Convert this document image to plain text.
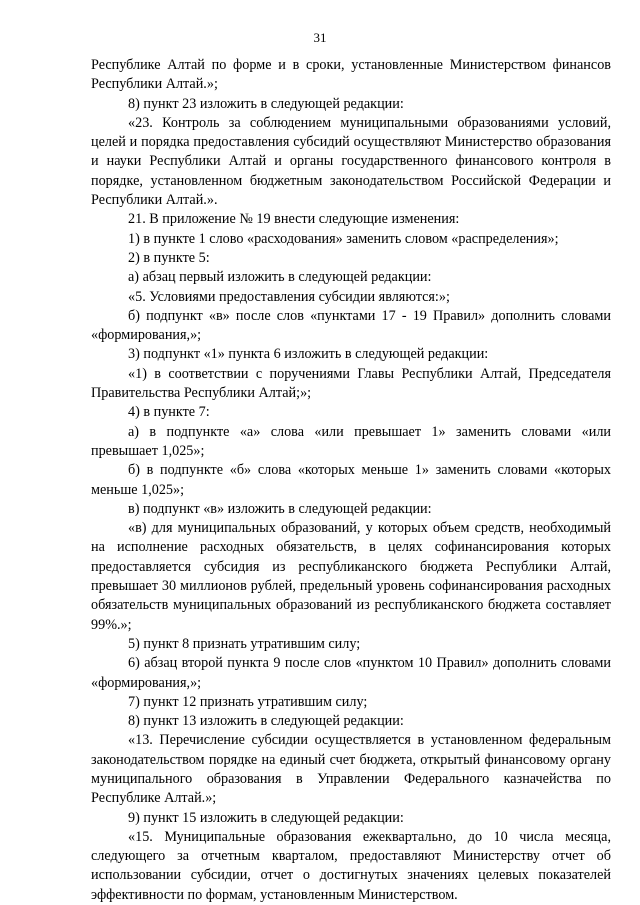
31

Республике Алтай по форме и в сроки, установленные Министерством финансов Республики Алтай.»;

8) пункт 23 изложить в следующей редакции:

«23. Контроль за соблюдением муниципальными образованиями условий, целей и порядка предоставления субсидий осуществляют Министерство образования и науки Республики Алтай и органы государственного финансового контроля в порядке, установленном бюджетным законодательством Российской Федерации и Республики Алтай.».

21. В приложение № 19 внести следующие изменения:

1) в пункте 1 слово «расходования» заменить словом «распределения»;

2) в пункте 5:

а) абзац первый изложить в следующей редакции:

«5. Условиями предоставления субсидии являются:»;

б) подпункт «в» после слов «пунктами 17 - 19 Правил» дополнить словами «формирования,»;

3) подпункт «1» пункта 6 изложить в следующей редакции:

«1) в соответствии с поручениями Главы Республики Алтай, Председателя Правительства Республики Алтай;»;

4) в пункте 7:

а) в подпункте «а» слова «или превышает 1» заменить словами «или превышает 1,025»;

б) в подпункте «б» слова «которых меньше 1» заменить словами «которых меньше 1,025»;

в) подпункт «в» изложить в следующей редакции:

«в) для муниципальных образований, у которых объем средств, необходимый на исполнение расходных обязательств, в целях софинансирования которых предоставляется субсидия из республиканского бюджета Республики Алтай, превышает 30 миллионов рублей, предельный уровень софинансирования расходных обязательств муниципальных образований из республиканского бюджета составляет 99%.»;

5) пункт 8 признать утратившим силу;

6) абзац второй пункта 9 после слов «пунктом 10 Правил» дополнить словами «формирования,»;

7) пункт 12 признать утратившим силу;

8) пункт 13 изложить в следующей редакции:

«13. Перечисление субсидии осуществляется в установленном федеральным законодательством порядке на единый счет бюджета, открытый финансовому органу муниципального образования в Управлении Федерального казначейства по Республике Алтай.»;

9) пункт 15 изложить в следующей редакции:

«15. Муниципальные образования ежеквартально, до 10 числа месяца, следующего за отчетным кварталом, предоставляют Министерству отчет об использовании субсидии, отчет о достигнутых значениях целевых показателей эффективности по формам, установленным Министерством.
